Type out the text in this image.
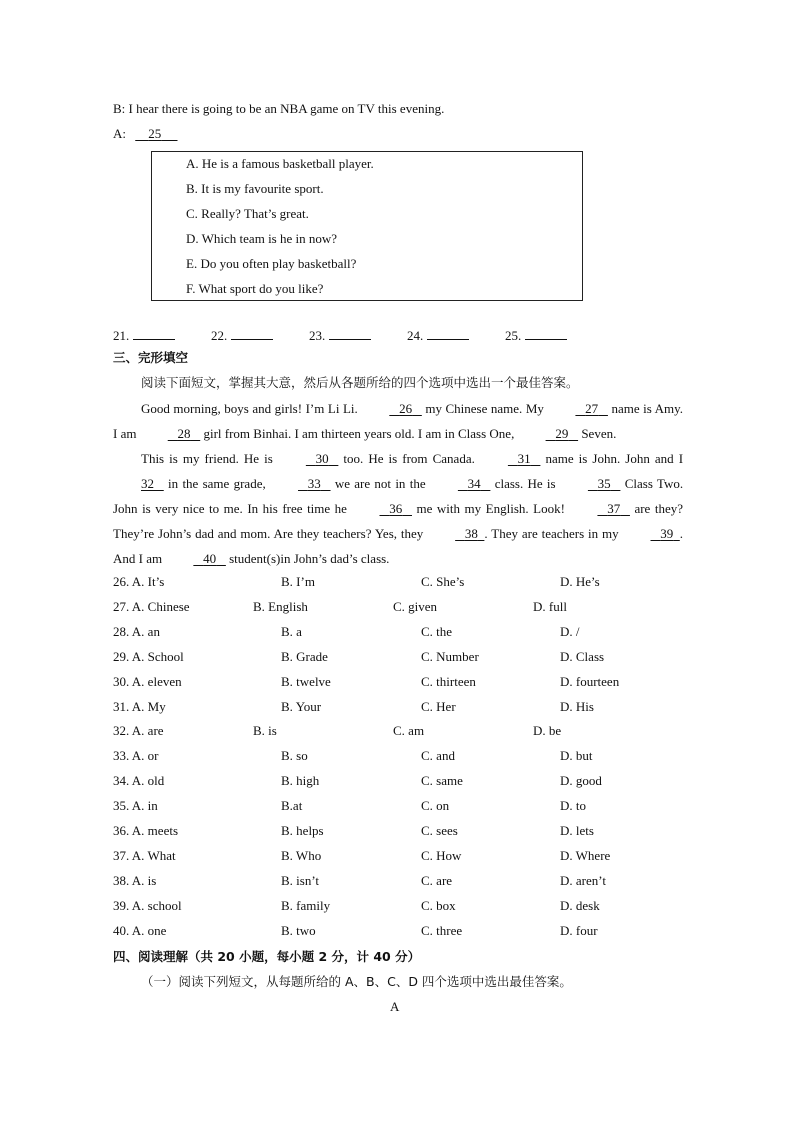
B: I hear there is going to be an NBA game on TV this evening.
A: 25
A. He is a famous basketball player.
B. It is my favourite sport.
C. Really? That’s great.
D. Which team is he in now?
E. Do you often play basketball?
F. What sport do you like?
21.	22.	23.	24.	25.
三、完形填空
阅读下面短文，掌握其大意，然后从各题所给的四个选项中选出一个最佳答案。
Good morning, boys and girls! I’m Li Li.	26 my Chinese name. My	27 name is Amy. I am	28 girl from Binhai. I am thirteen years old. I am in Class One,	29 Seven.
This is my friend. He is	30 too. He is from Canada.	31 name is John. John and I 32 in the same grade,	33 we are not in the	34 class. He is	35 Class Two. John is very nice to me. In his free time he	36 me with my English. Look!	37 are they? They’re John’s dad and mom. Are they teachers? Yes, they	38 . They are teachers in my	39 . And I am	40 student(s)in John’s dad’s class.
26. A. It’s	B. I’m	C. She’s	D. He’s
27. A. Chinese	B. English	C. given	D. full
28. A. an	B. a	C. the	D. /
29. A. School	B. Grade	C. Number	D. Class
30. A. eleven	B. twelve	C. thirteen	D. fourteen
31. A. My	B. Your	C. Her	D. His
32. A. are	B. is	C. am	D. be
33. A. or	B. so	C. and	D. but
34. A. old	B. high	C. same	D. good
35. A. in	B.at	C. on	D. to
36. A. meets	B. helps	C. sees	D. lets
37. A. What	B. Who	C. How	D. Where
38. A. is	B. isn’t	C. are	D. aren’t
39. A. school	B. family	C. box	D. desk
40. A. one	B. two	C. three	D. four
四、阅读理解（共 20 小题，每小题 2 分，计 40 分）
（一）阅读下列短文，从每题所给的 A、B、C、D 四个选项中选出最佳答案。
A
